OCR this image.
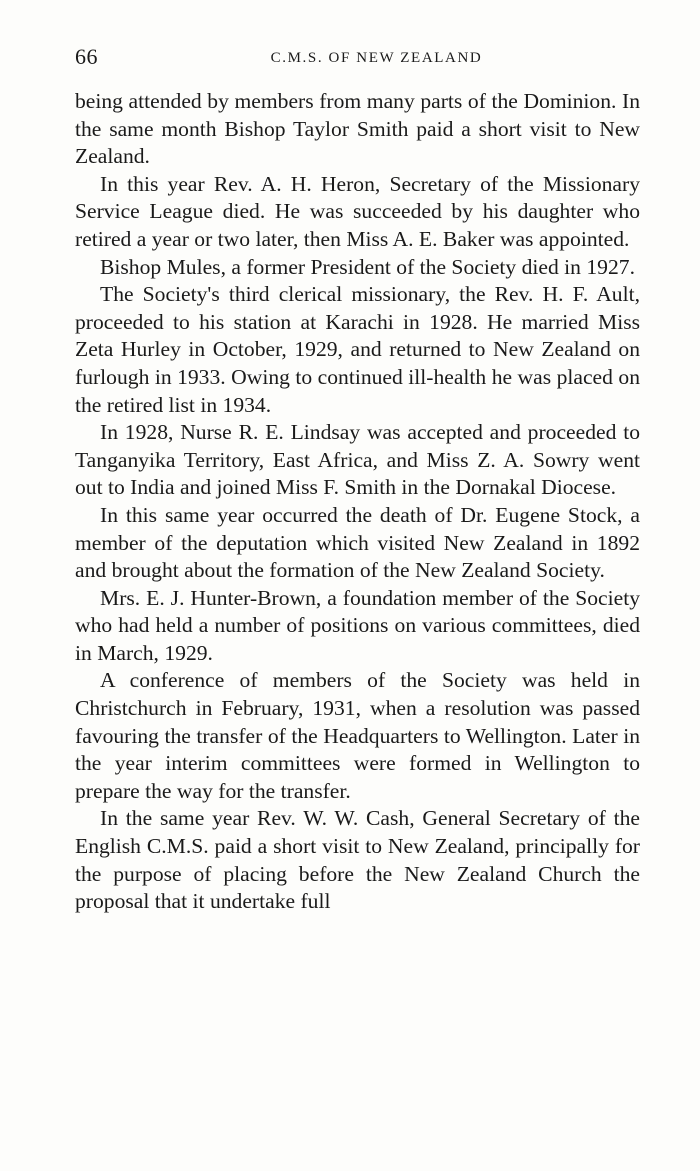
66	C.M.S. OF NEW ZEALAND

being attended by members from many parts of the Dominion. In the same month Bishop Taylor Smith paid a short visit to New Zealand.

In this year Rev. A. H. Heron, Secretary of the Missionary Service League died. He was succeeded by his daughter who retired a year or two later, then Miss A. E. Baker was appointed.

Bishop Mules, a former President of the Society died in 1927.

The Society's third clerical missionary, the Rev. H. F. Ault, proceeded to his station at Karachi in 1928. He married Miss Zeta Hurley in October, 1929, and returned to New Zealand on furlough in 1933. Owing to continued ill-health he was placed on the retired list in 1934.

In 1928, Nurse R. E. Lindsay was accepted and proceeded to Tanganyika Territory, East Africa, and Miss Z. A. Sowry went out to India and joined Miss F. Smith in the Dornakal Diocese.

In this same year occurred the death of Dr. Eugene Stock, a member of the deputation which visited New Zealand in 1892 and brought about the formation of the New Zealand Society.

Mrs. E. J. Hunter-Brown, a foundation member of the Society who had held a number of positions on various committees, died in March, 1929.

A conference of members of the Society was held in Christchurch in February, 1931, when a resolution was passed favouring the transfer of the Headquarters to Wellington. Later in the year interim committees were formed in Wellington to prepare the way for the transfer.

In the same year Rev. W. W. Cash, General Secretary of the English C.M.S. paid a short visit to New Zealand, principally for the purpose of placing before the New Zealand Church the proposal that it undertake full
